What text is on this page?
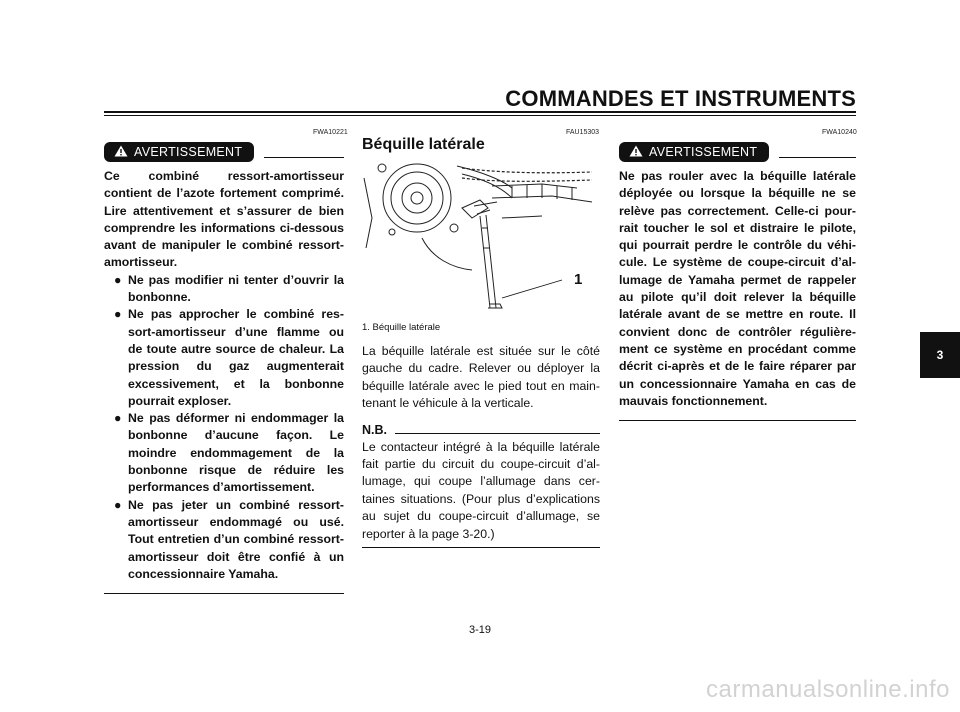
COMMANDES ET INSTRUMENTS
3
FWA10221
AVERTISSEMENT
Ce combiné ressort-amortisseur contient de l’azote fortement comprimé. Lire attentivement et s’assurer de bien comprendre les informations ci-dessous avant de manipuler le combiné ressort-amortisseur.
● Ne pas modifier ni tenter d’ouvrir la bonbonne.
● Ne pas approcher le combiné ressort-amortisseur d’une flamme ou de toute autre source de chaleur. La pression du gaz augmenterait excessivement, et la bonbonne pourrait exploser.
● Ne pas déformer ni endommager la bonbonne d’aucune façon. Le moindre endommagement de la bonbonne risque de réduire les performances d’amortissement.
● Ne pas jeter un combiné ressort-amortisseur endommagé ou usé. Tout entretien d’un combiné ressort-amortisseur doit être confié à un concessionnaire Yamaha.
FAU15303
Béquille latérale
1
1. Béquille latérale
La béquille latérale est située sur le côté gauche du cadre. Relever ou déployer la béquille latérale avec le pied tout en maintenant le véhicule à la verticale.
N.B.
Le contacteur intégré à la béquille latérale fait partie du circuit du coupe-circuit d’allumage, qui coupe l’allumage dans certaines situations. (Pour plus d’explications au sujet du coupe-circuit d’allumage, se reporter à la page 3-20.)
FWA10240
AVERTISSEMENT
Ne pas rouler avec la béquille latérale déployée ou lorsque la béquille ne se relève pas correctement. Celle-ci pourrait toucher le sol et distraire le pilote, qui pourrait perdre le contrôle du véhicule. Le système de coupe-circuit d’allumage de Yamaha permet de rappeler au pilote qu’il doit relever la béquille latérale avant de se mettre en route. Il convient donc de contrôler régulièrement ce système en procédant comme décrit ci-après et de le faire réparer par un concessionnaire Yamaha en cas de mauvais fonctionnement.
3-19
carmanualsonline.info
